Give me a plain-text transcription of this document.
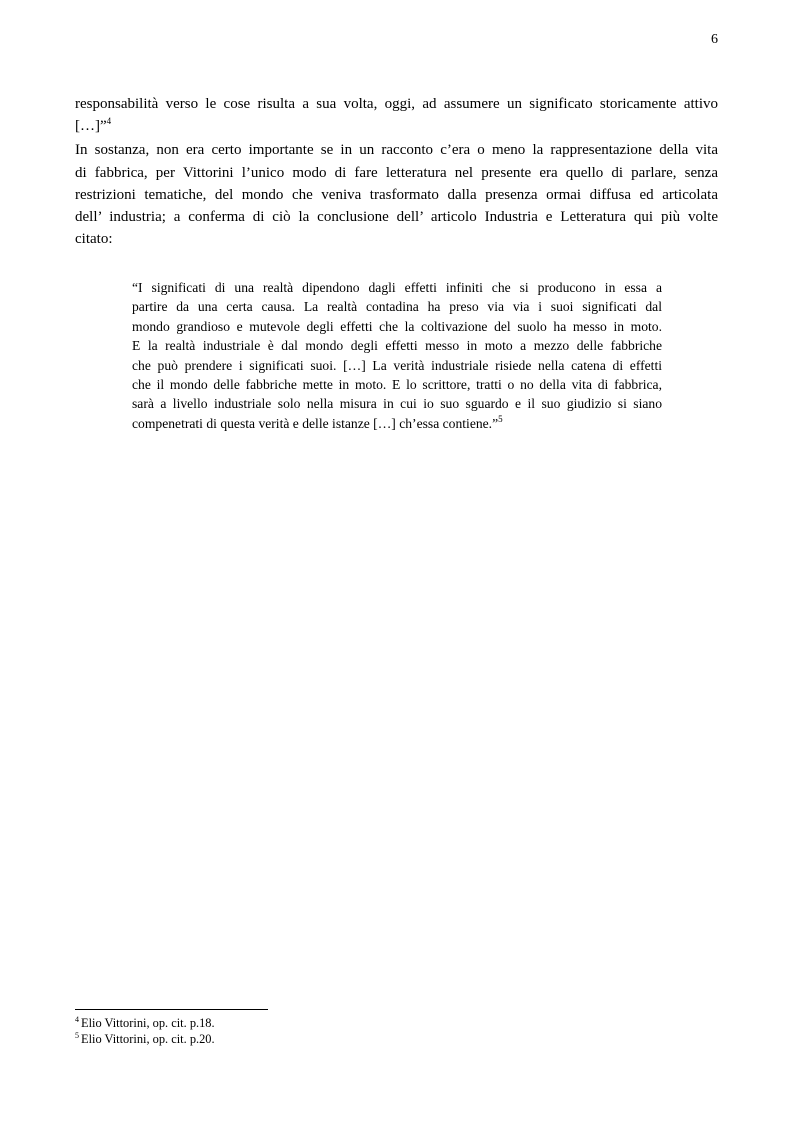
6

responsabilità verso le cose risulta a sua volta, oggi, ad assumere un significato storicamente attivo
[…]”$^4$

In sostanza, non era certo importante se in un racconto c’era o meno la rappresentazione della vita
di fabbrica, per Vittorini l’unico modo di fare letteratura nel presente era quello di parlare, senza
restrizioni tematiche, del mondo che veniva trasformato dalla presenza ormai diffusa ed articolata
dell’ industria; a conferma di ciò la conclusione dell’ articolo Industria e Letteratura qui più volte
citato:

“I significati di una realtà dipendono dagli effetti infiniti che si producono in essa a
partire da una certa causa. La realtà contadina ha preso via via i suoi significati dal
mondo grandioso e mutevole degli effetti che la coltivazione del suolo ha messo in moto.
E la realtà industriale è dal mondo degli effetti messo in moto a mezzo delle fabbriche
che può prendere i significati suoi. […] La verità industriale risiede nella catena di effetti
che il mondo delle fabbriche mette in moto. E lo scrittore, tratti o no della vita di fabbrica,
sarà a livello industriale solo nella misura in cui io suo sguardo e il suo giudizio si siano
compenetrati di questa verità e delle istanze […] ch’essa contiene.”$^5$
$^4$ Elio Vittorini, op. cit. p.18.
$^5$ Elio Vittorini, op. cit. p.20.
